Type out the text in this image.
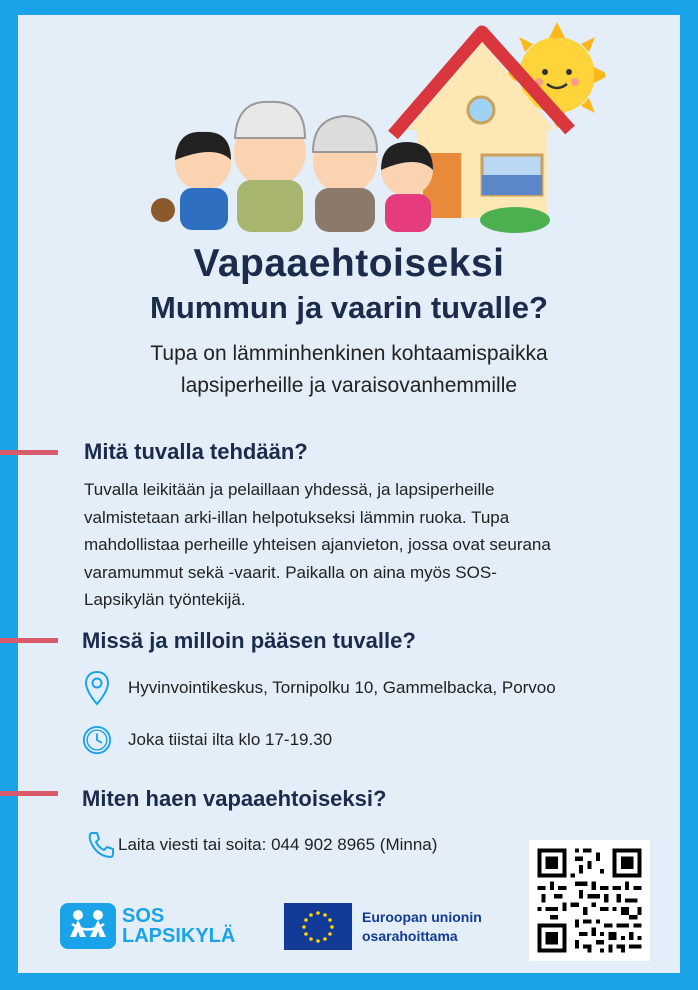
Vapaaehtoiseksi
Mummun ja vaarin tuvalle?
Tupa on lämminhenkinen kohtaamispaikka
lapsiperheille ja varaisovanhemmille
Mitä tuvalla tehdään?
Tuvalla leikitään ja pelaillaan yhdessä, ja lapsiperheille
valmistetaan arki-illan helpotukseksi lämmin ruoka. Tupa
mahdollistaa perheille yhteisen ajanvieton, jossa ovat seurana
varamummut sekä -vaarit. Paikalla on aina myös SOS-
Lapsikylän työntekijä.
Missä ja milloin pääsen tuvalle?
Hyvinvointikeskus, Tornipolku 10, Gammelbacka, Porvoo
Joka tiistai ilta klo 17-19.30
Miten haen vapaaehtoiseksi?
Laita viesti tai soita: 044 902 8965 (Minna)
SOS
LAPSIKYLÄ
Euroopan unionin
osarahoittama
